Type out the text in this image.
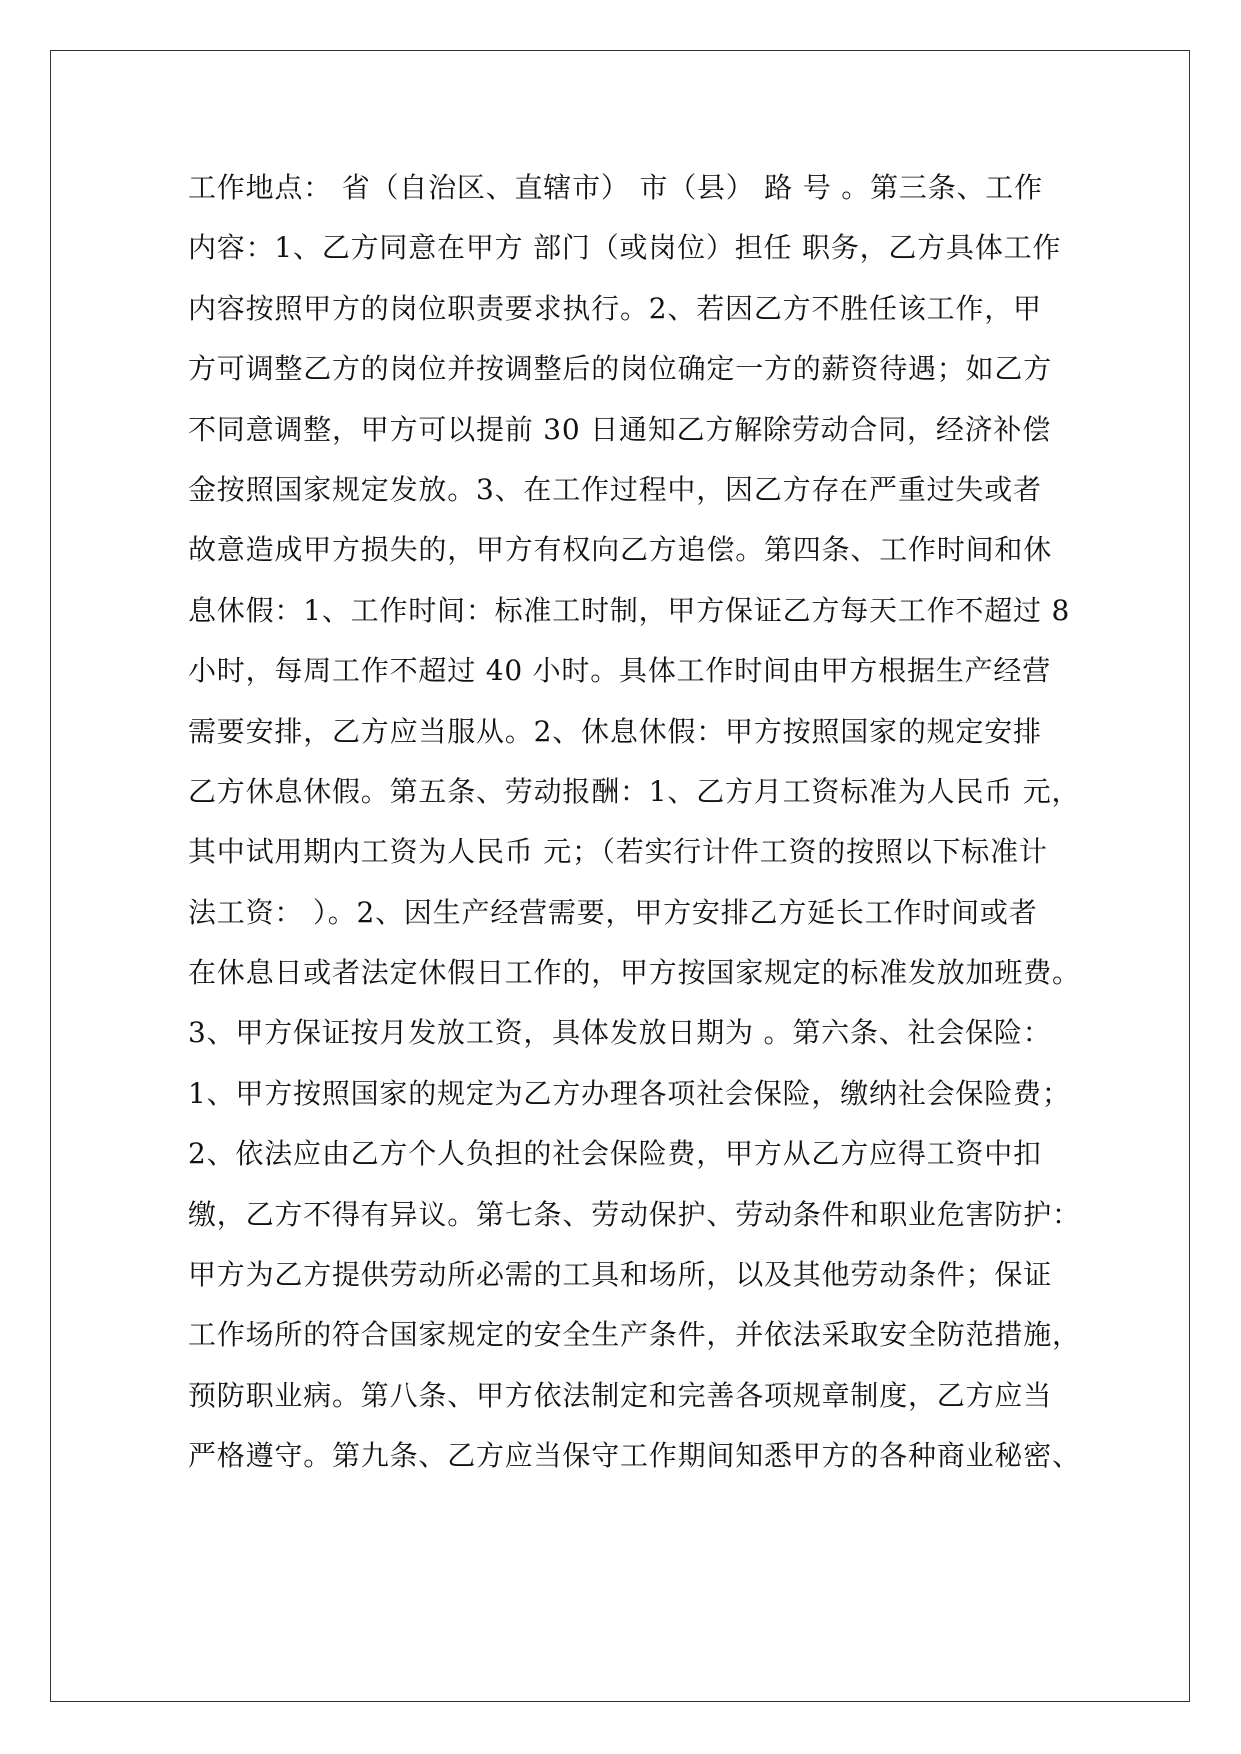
工作地点： 省（自治区、直辖市） 市（县） 路 号 。第三条、工作
内容：1、乙方同意在甲方 部门（或岗位）担任 职务，乙方具体工作
内容按照甲方的岗位职责要求执行。2、若因乙方不胜任该工作，甲
方可调整乙方的岗位并按调整后的岗位确定一方的薪资待遇；如乙方
不同意调整，甲方可以提前 30 日通知乙方解除劳动合同，经济补偿
金按照国家规定发放。3、在工作过程中，因乙方存在严重过失或者
故意造成甲方损失的，甲方有权向乙方追偿。第四条、工作时间和休
息休假：1、工作时间：标准工时制，甲方保证乙方每天工作不超过 8
小时，每周工作不超过 40 小时。具体工作时间由甲方根据生产经营
需要安排，乙方应当服从。2、休息休假：甲方按照国家的规定安排
乙方休息休假。第五条、劳动报酬：1、乙方月工资标准为人民币 元，
其中试用期内工资为人民币 元；（若实行计件工资的按照以下标准计
法工资： ）。2、因生产经营需要，甲方安排乙方延长工作时间或者
在休息日或者法定休假日工作的，甲方按国家规定的标准发放加班费。
3、甲方保证按月发放工资，具体发放日期为 。第六条、社会保险：
1、甲方按照国家的规定为乙方办理各项社会保险，缴纳社会保险费；
2、依法应由乙方个人负担的社会保险费，甲方从乙方应得工资中扣
缴，乙方不得有异议。第七条、劳动保护、劳动条件和职业危害防护：
甲方为乙方提供劳动所必需的工具和场所，以及其他劳动条件；保证
工作场所的符合国家规定的安全生产条件，并依法采取安全防范措施，
预防职业病。第八条、甲方依法制定和完善各项规章制度，乙方应当
严格遵守。第九条、乙方应当保守工作期间知悉甲方的各种商业秘密、
